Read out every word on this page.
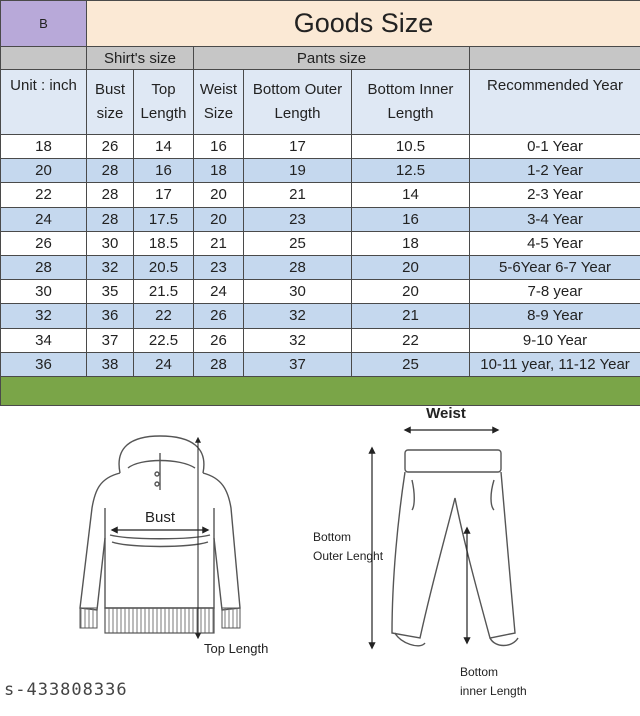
B	Goods Size					
	Shirt's size		Pants size			
Unit : inch	Bust size	Top Length	Weist Size	Bottom Outer Length	Bottom Inner Length	Recommended Year
18	26	14	16	17	10.5	0-1 Year
20	28	16	18	19	12.5	1-2 Year
22	28	17	20	21	14	2-3 Year
24	28	17.5	20	23	16	3-4 Year
26	30	18.5	21	25	18	4-5 Year
28	32	20.5	23	28	20	5-6Year 6-7 Year
30	35	21.5	24	30	20	7-8 year
32	36	22	26	32	21	8-9 Year
34	37	22.5	26	32	22	9-10 Year
36	38	24	28	37	25	10-11 year, 11-12 Year

Bust
Top Length
Weist
Bottom
Outer Lenght
Bottom
inner Length
s-433808336
